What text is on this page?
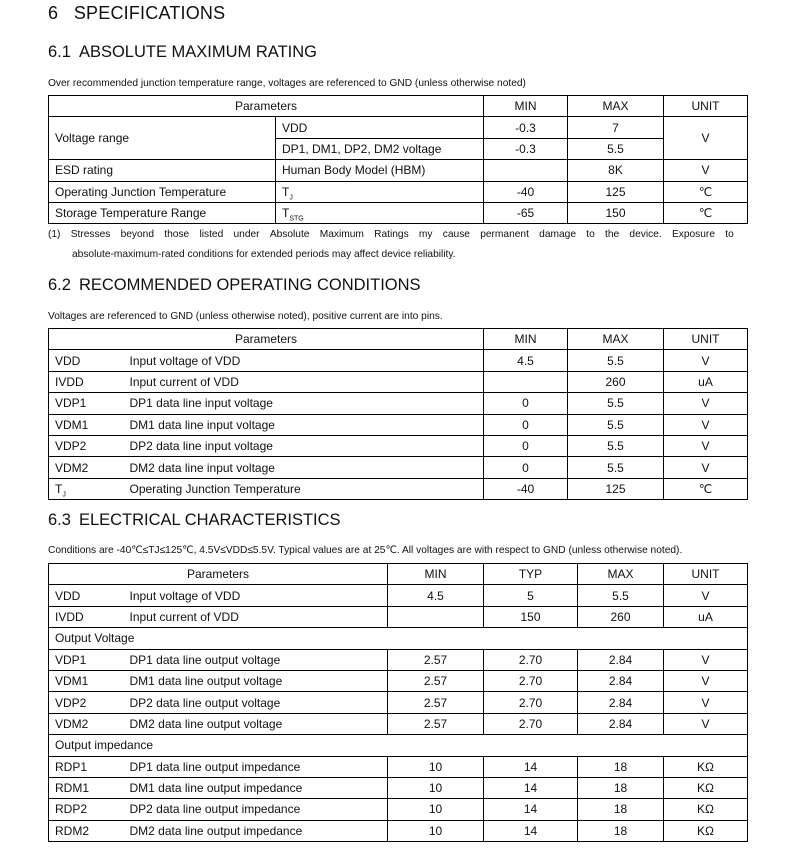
6 SPECIFICATIONS
6.1 ABSOLUTE MAXIMUM RATING
Over recommended junction temperature range, voltages are referenced to GND (unless otherwise noted)
Parameters		MIN	MAX	UNIT
Voltage range	VDD	-0.3	7	V
	DP1, DM1, DP2, DM2 voltage	-0.3	5.5	
ESD rating	Human Body Model (HBM)		8K	V
Operating Junction Temperature	$T_J$	-40	125	℃
Storage Temperature Range	$T_{STG}$	-65	150	℃
(1) Stresses beyond those listed under Absolute Maximum Ratings my cause permanent damage to the device. Exposure to
absolute-maximum-rated conditions for extended periods may affect device reliability.
6.2 RECOMMENDED OPERATING CONDITIONS
Voltages are referenced to GND (unless otherwise noted), positive current are into pins.
Parameters		MIN	MAX	UNIT
VDD	Input voltage of VDD	4.5	5.5	V
IVDD	Input current of VDD		260	uA
VDP1	DP1 data line input voltage	0	5.5	V
VDM1	DM1 data line input voltage	0	5.5	V
VDP2	DP2 data line input voltage	0	5.5	V
VDM2	DM2 data line input voltage	0	5.5	V
$T_J$	Operating Junction Temperature	-40	125	℃
6.3 ELECTRICAL CHARACTERISTICS
Conditions are -40℃≤TJ≤125℃, 4.5V≤VDD≤5.5V. Typical values are at 25℃. All voltages are with respect to GND (unless otherwise noted).
Parameters		MIN	TYP	MAX	UNIT
VDD	Input voltage of VDD	4.5	5	5.5	V
IVDD	Input current of VDD		150	260	uA
Output Voltage					
VDP1	DP1 data line output voltage	2.57	2.70	2.84	V
VDM1	DM1 data line output voltage	2.57	2.70	2.84	V
VDP2	DP2 data line output voltage	2.57	2.70	2.84	V
VDM2	DM2 data line output voltage	2.57	2.70	2.84	V
Output impedance					
RDP1	DP1 data line output impedance	10	14	18	KΩ
RDM1	DM1 data line output impedance	10	14	18	KΩ
RDP2	DP2 data line output impedance	10	14	18	KΩ
RDM2	DM2 data line output impedance	10	14	18	KΩ
